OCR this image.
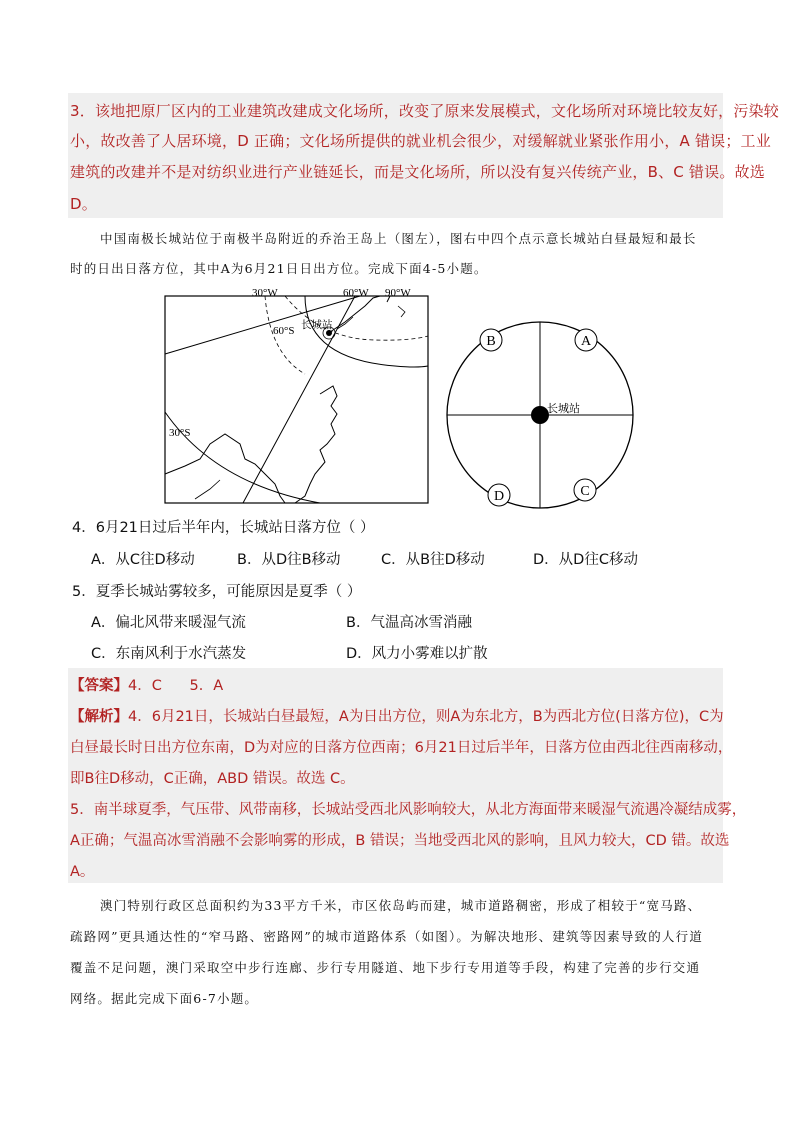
3．该地把原厂区内的工业建筑改建成文化场所，改变了原来发展模式，文化场所对环境比较友好，污染较
小，故改善了人居环境，D 正确；文化场所提供的就业机会很少，对缓解就业紧张作用小，A 错误；工业
建筑的改建并不是对纺织业进行产业链延长，而是文化场所，所以没有复兴传统产业，B、C 错误。故选
D。
中国南极长城站位于南极半岛附近的乔治王岛上（图左），图右中四个点示意长城站白昼最短和最长
时的日出日落方位，其中A为6月21日日出方位。完成下面4-5小题。
30°W	60°W 90°W
60°S
30°S
长城站
长城站
B	A
D	C
4．6月21日过后半年内，长城站日落方位（ ）
A．从C往D移动	B．从D往B移动	C．从B往D移动	D．从D往C移动
5．夏季长城站雾较多，可能原因是夏季（ ）
A．偏北风带来暖湿气流	B．气温高冰雪消融
C．东南风利于水汽蒸发	D．风力小雾难以扩散
【答案】4．C      5．A
【解析】4．6月21日，长城站白昼最短，A为日出方位，则A为东北方，B为西北方位(日落方位)，C为
白昼最长时日出方位东南，D为对应的日落方位西南；6月21日过后半年，日落方位由西北往西南移动，
即B往D移动，C正确，ABD 错误。故选 C。
5．南半球夏季，气压带、风带南移，长城站受西北风影响较大，从北方海面带来暖湿气流遇冷凝结成雾，
A正确；气温高冰雪消融不会影响雾的形成，B 错误；当地受西北风的影响，且风力较大，CD 错。故选
A。
澳门特别行政区总面积约为33平方千米，市区依岛屿而建，城市道路稠密，形成了相较于“宽马路、
疏路网”更具通达性的“窄马路、密路网”的城市道路体系（如图）。为解决地形、建筑等因素导致的人行道
覆盖不足问题，澳门采取空中步行连廊、步行专用隧道、地下步行专用道等手段，构建了完善的步行交通
网络。据此完成下面6-7小题。
